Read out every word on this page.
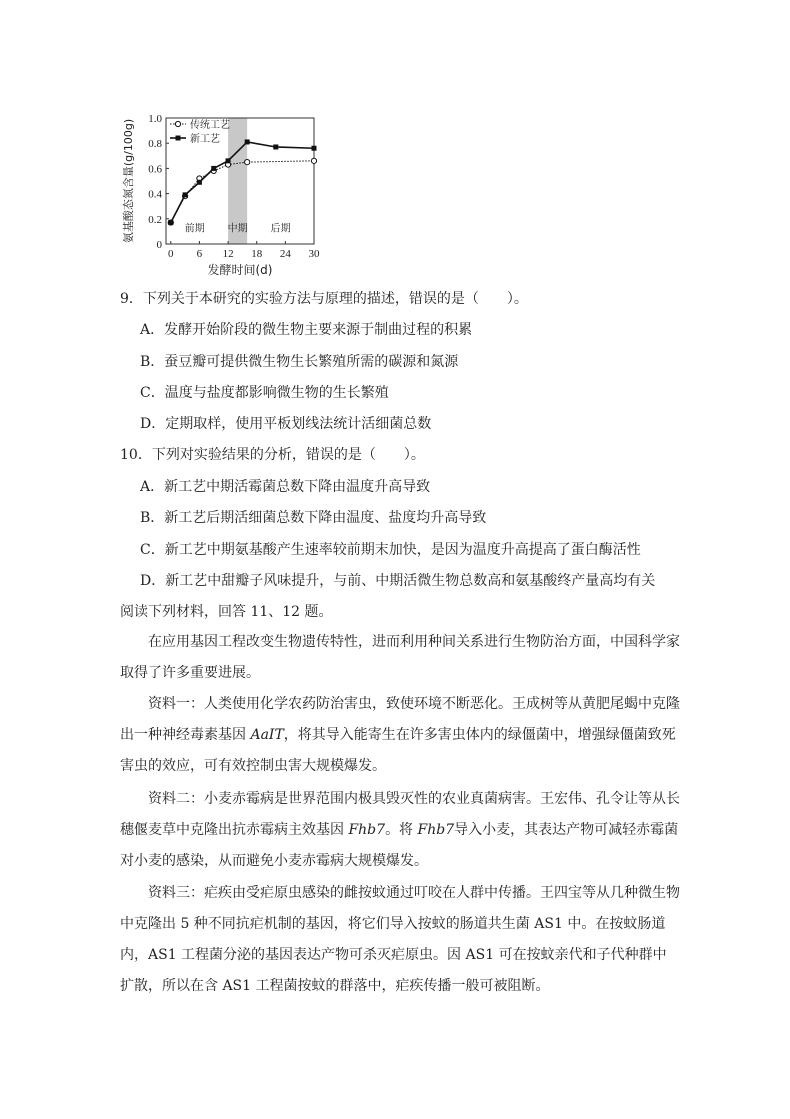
0
0.2
0.4
0.6
0.8
1.0
0 6 12 18 24 30
发酵时间(d)
氨基酸态氮含量(g/100g)	前期 中期 后期
传统工艺
新工艺
9．下列关于本研究的实验方法与原理的描述，错误的是（　　）。
A．发酵开始阶段的微生物主要来源于制曲过程的积累
B．蚕豆瓣可提供微生物生长繁殖所需的碳源和氮源
C．温度与盐度都影响微生物的生长繁殖
D．定期取样，使用平板划线法统计活细菌总数
10．下列对实验结果的分析，错误的是（　　）。
A．新工艺中期活霉菌总数下降由温度升高导致
B．新工艺后期活细菌总数下降由温度、盐度均升高导致
C．新工艺中期氨基酸产生速率较前期末加快，是因为温度升高提高了蛋白酶活性
D．新工艺中甜瓣子风味提升，与前、中期活微生物总数高和氨基酸终产量高均有关
阅读下列材料，回答 11、12 题。
在应用基因工程改变生物遗传特性，进而利用种间关系进行生物防治方面，中国科学家取得了许多重要进展。
资料一：人类使用化学农药防治害虫，致使环境不断恶化。王成树等从黄肥尾蝎中克隆出一种神经毒素基因 AaIT，将其导入能寄生在许多害虫体内的绿僵菌中，增强绿僵菌致死害虫的效应，可有效控制虫害大规模爆发。
资料二：小麦赤霉病是世界范围内极具毁灭性的农业真菌病害。王宏伟、孔令让等从长穗偃麦草中克隆出抗赤霉病主效基因 Fhb7。将 Fhb7导入小麦，其表达产物可减轻赤霉菌对小麦的感染，从而避免小麦赤霉病大规模爆发。
资料三：疟疾由受疟原虫感染的雌按蚊通过叮咬在人群中传播。王四宝等从几种微生物中克隆出 5 种不同抗疟机制的基因，将它们导入按蚊的肠道共生菌 AS1 中。在按蚊肠道内，AS1 工程菌分泌的基因表达产物可杀灭疟原虫。因 AS1 可在按蚊亲代和子代种群中扩散，所以在含 AS1 工程菌按蚊的群落中，疟疾传播一般可被阻断。
